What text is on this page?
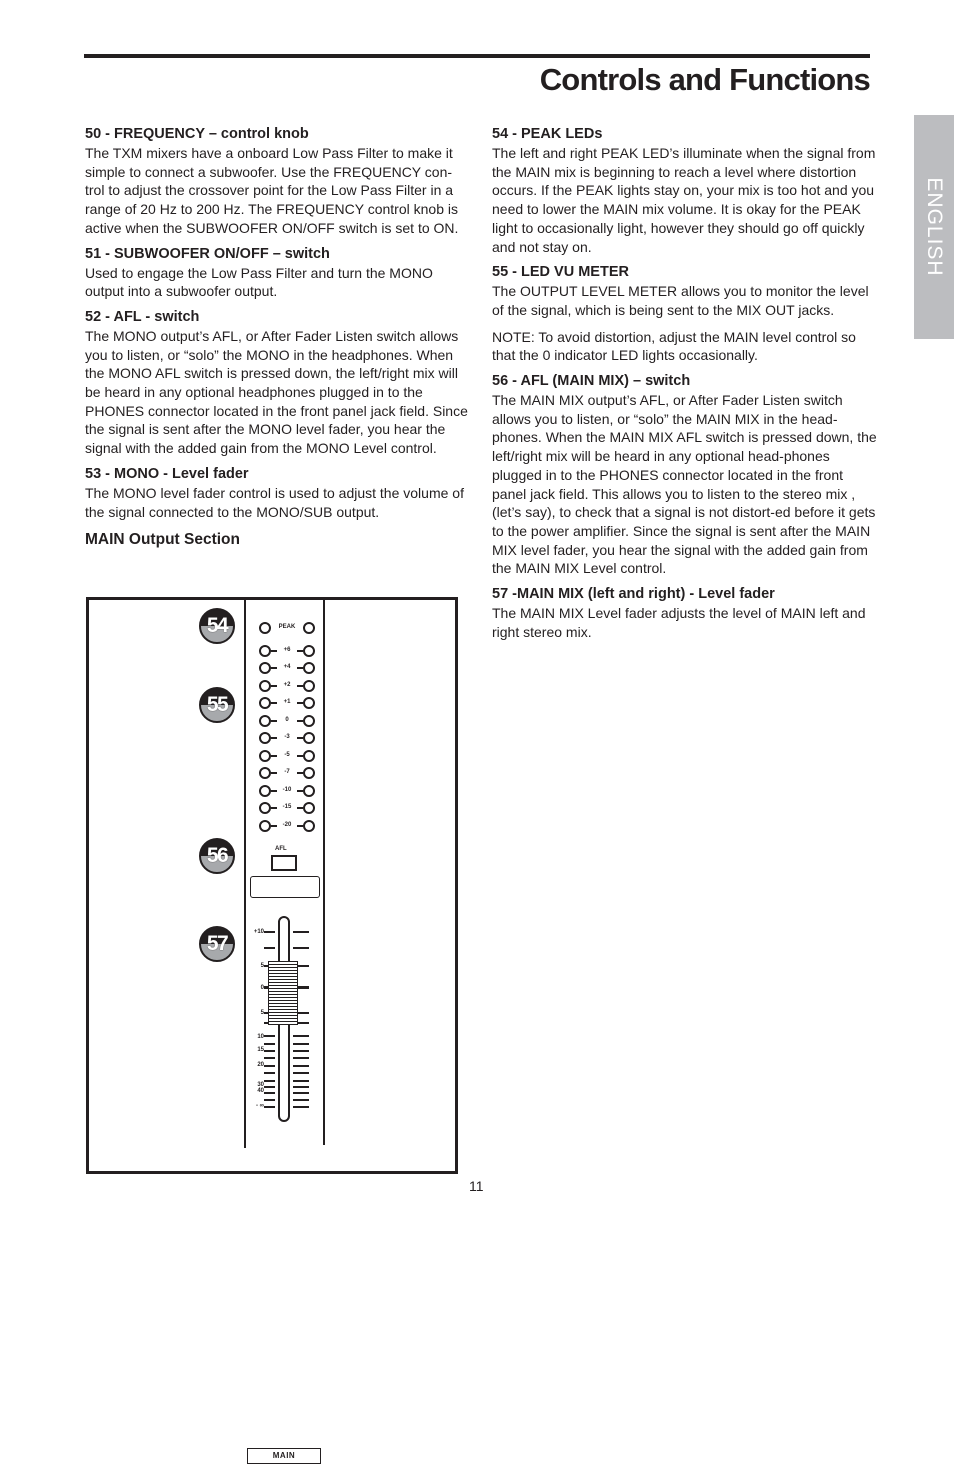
Controls and Functions
ENGLISH
50 - FREQUENCY – control knob

The TXM mixers have a onboard Low Pass Filter to make it simple to connect a subwoofer. Use the FREQUENCY con-trol to adjust the crossover point for the Low Pass Filter in a range of 20 Hz to 200 Hz. The FREQUENCY control knob is active when the SUBWOOFER ON/OFF switch is set to ON.

51 - SUBWOOFER ON/OFF – switch

Used to engage the Low Pass Filter and turn the MONO output into a subwoofer output.

52 - AFL - switch

The MONO output’s AFL, or After Fader Listen switch allows you to listen, or “solo” the MONO in the headphones. When the MONO AFL switch is pressed down, the left/right mix will be heard in any optional headphones plugged in to the PHONES connector located in the front panel jack field. Since the signal is sent after the MONO level fader, you hear the signal with the added gain from the MONO Level control.

53 - MONO - Level fader

The MONO level fader control is used to adjust the volume of the signal connected to the MONO/SUB output.

MAIN Output Section
54 - PEAK LEDs

The left and right PEAK LED’s illuminate when the signal from the MAIN mix is beginning to reach a level where distortion occurs. If the PEAK lights stay on, your mix is too hot and you need to lower the MAIN mix volume. It is okay for the PEAK light to occasionally light, however they should go off quickly and not stay on.

55 - LED VU METER

The OUTPUT LEVEL METER allows you to monitor the level of the signal, which is being sent to the MIX OUT jacks.

NOTE: To avoid distortion, adjust the MAIN level control so that the 0 indicator LED lights occasionally.

56 - AFL (MAIN MIX) – switch

The MAIN MIX output’s AFL, or After Fader Listen switch allows you to listen, or “solo” the MAIN MIX in the head-phones. When the MAIN MIX AFL switch is pressed down, the left/right mix will be heard in any optional head-phones plugged in to the PHONES connector located in the front panel jack field. This allows you to listen to the stereo mix , (let’s say), to check that a signal is not distort-ed before it gets to the power amplifier. Since the signal is sent after the MAIN MIX level fader, you hear the signal with the added gain from the MAIN MIX Level control.

57 -MAIN MIX (left and right) - Level fader

The MAIN MIX Level fader adjusts the level of MAIN left and right stereo mix.

54
55
56
57
PEAK
+6
+4
+2
+1
0
-3
-5
-7
-10
-15
-20
AFL
+10
5
0
5
10
15
20
30
40
- ∞
MAIN
11
